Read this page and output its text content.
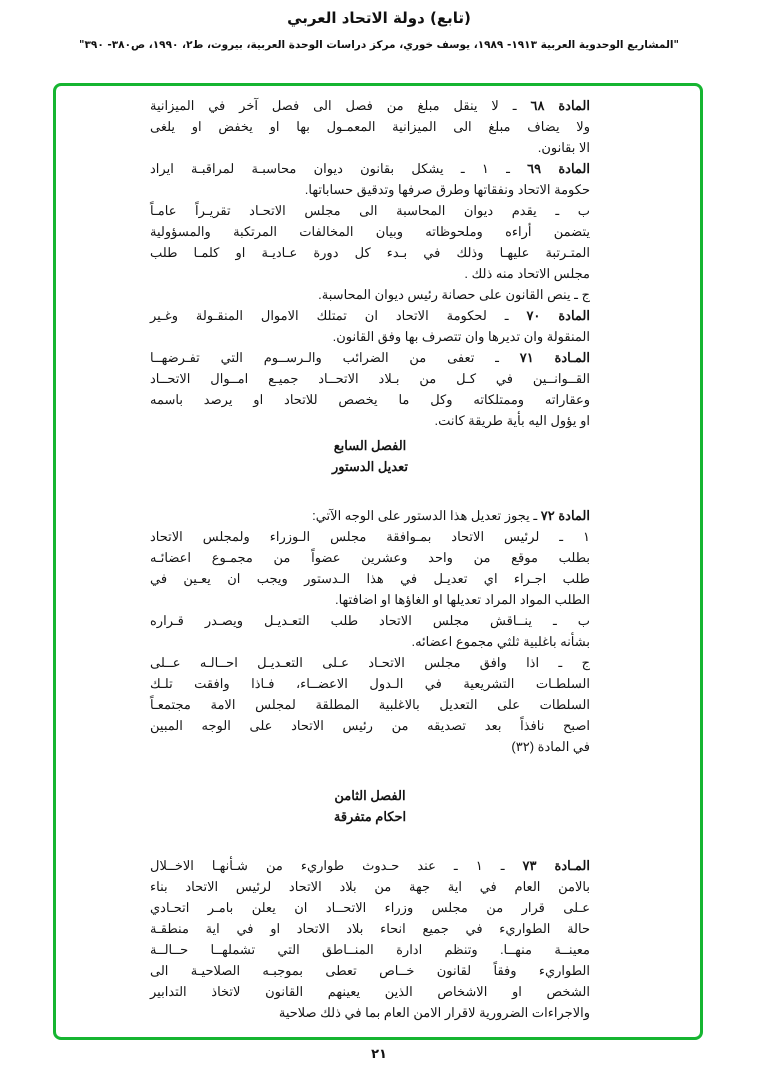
(تابع) دولة الاتحاد العربي
"المشاريع الوحدوية العربية ١٩١٣- ١٩٨٩، يوسف خوري، مركز دراسات الوحدة العربية، بيروت، ط٢، ١٩٩٠، ص٣٨٠- ٣٩٠"
المادة ٦٨ ـ لا ينقل مبلغ من فصل الى فصل آخر في الميزانية
ولا يضاف مبلغ الى الميزانية المعمـول بها او يخفض او يلغى
الا بقانون.
المادة ٦٩ ـ ١ ـ يشكل بقانون ديوان محاسبـة لمراقبـة ايراد
حكومة الاتحاد ونفقاتها وطرق صرفها وتدقيق حساباتها.
ب ـ يقدم ديوان المحاسبة الى مجلس الاتحـاد تقريـراً عامـاً
يتضمن أراءه وملحوظاته وبيان المخالفات المرتكبة والمسؤولية
المتـرتبة عليهـا وذلك في بـدء كل دورة عـاديـة او كلمـا طلب
مجلس الاتحاد منه ذلك .
ج ـ ينص القانون على حصانة رئيس ديوان المحاسبة.
المادة ٧٠ ـ لحكومة الاتحاد ان تمتلك الاموال المنقـولة وغـير
المنقولة وان تديرها وان تتصرف بها وفق القانون.
المـادة ٧١ ـ تعفى من الضرائب والـرســوم التي تفـرضهــا
القــوانــين في كـل من بـلاد الاتحــاد جميـع امــوال الاتحــاد
وعقاراته وممتلكاته وكل ما يخصص للاتحاد او يرصد باسمه
او يؤول اليه بأية طريقة كانت.
الفصل السابع
تعديل الدستور
المادة ٧٢ ـ يجوز تعديل هذا الدستور على الوجه الآتي:
١ ـ لرئيس الاتحاد بمـوافقة مجلس الـوزراء ولمجلس الاتحاد
بطلب موقع من واحد وعشرين عضواً من مجمـوع اعضائـه
طلب اجـراء اي تعديـل في هذا الـدستور ويجب ان يعـين في
الطلب المواد المراد تعديلها او الغاؤها او اضافتها.
ب ـ ينــاقش مجلس الاتحاد طلب التعـديـل ويصـدر قـراره
بشأنه باغلبية ثلثي مجموع اعضائه.
ج ـ اذا وافق مجلس الاتحـاد عـلى التعـديـل احــالـه عــلى
السلطـات التشريعية في الـدول الاعضــاء، فـاذا وافقت تلـك
السلطات على التعديل بالاغلبية المطلقة لمجلس الامة مجتمعـاً
اصبح نافذاً بعد تصديقه من رئيس الاتحاد على الوجه المبين
في المادة (٣٢)
الفصل الثامن
احكام متفرقة
المـادة ٧٣ ـ ١ ـ عند حـدوث طواريء من شـأنهـا الاخــلال
بالامن العام في اية جهة من بلاد الاتحاد لرئيس الاتحاد بناء
عـلى قرار من مجلس وزراء الاتحــاد ان يعلن بامـر اتحـادي
حالة الطواريء في جميع انحاء بلاد الاتحاد او في اية منطقـة
معينــة منهــا. وتنظم ادارة المنــاطق التي تشملهــا حــالــة
الطواريء وفقاً لقانون خــاص تعطى بموجبـه الصلاحيـة الى
الشخص او الاشخاص الذين يعينهم القانون لاتخاذ التدابير
والاجراءات الضرورية لاقرار الامن العام بما في ذلك صلاحية
٢١
